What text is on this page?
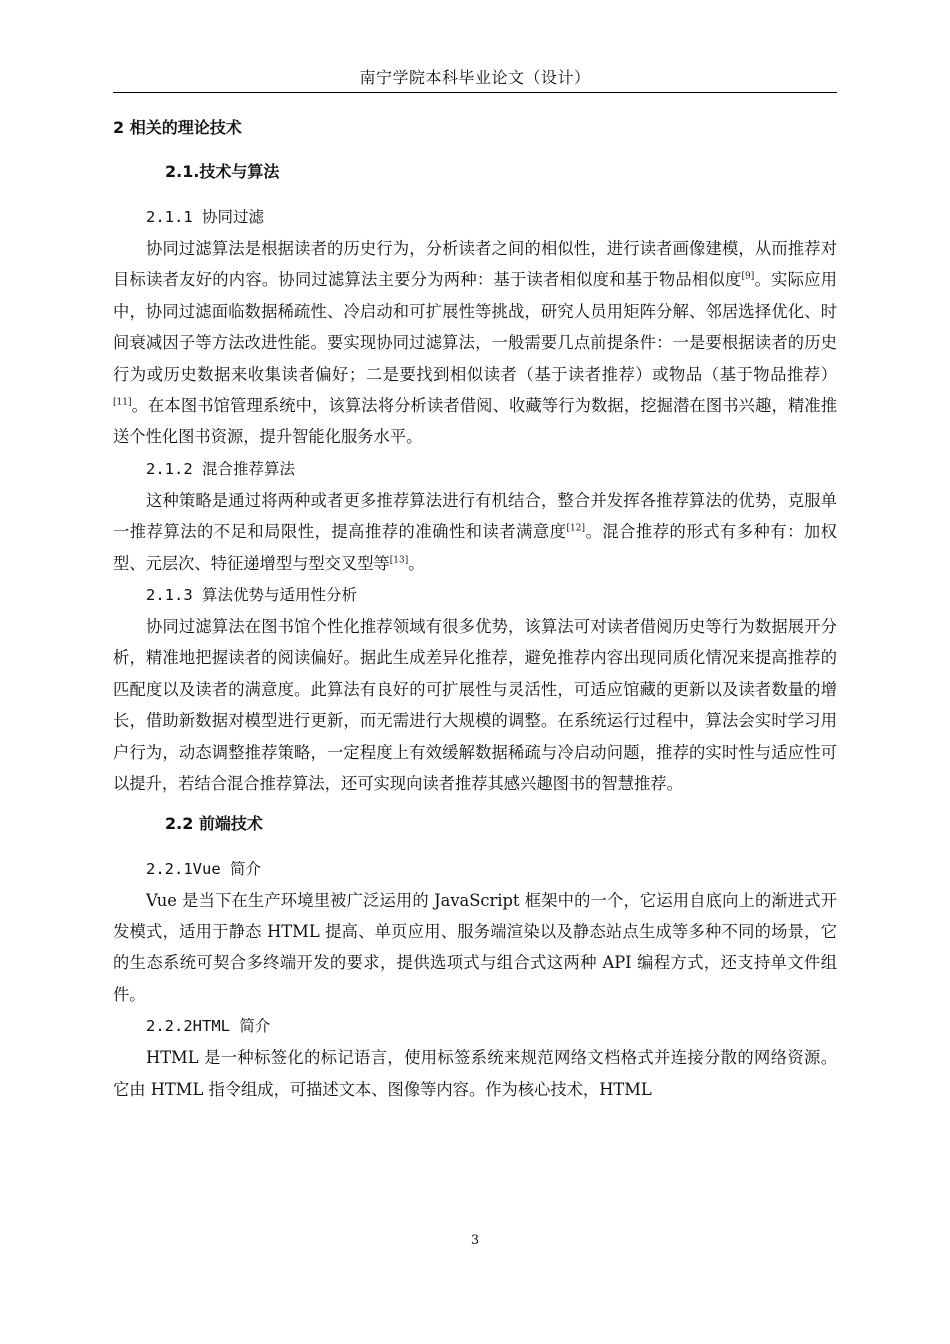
南宁学院本科毕业论文（设计）
2 相关的理论技术
2.1.技术与算法
2.1.1 协同过滤

协同过滤算法是根据读者的历史行为，分析读者之间的相似性，进行读者画像建模，从而推荐对目标读者友好的内容。协同过滤算法主要分为两种：基于读者相似度和基于物品相似度[9]。实际应用中，协同过滤面临数据稀疏性、冷启动和可扩展性等挑战，研究人员用矩阵分解、邻居选择优化、时间衰减因子等方法改进性能。要实现协同过滤算法，一般需要几点前提条件：一是要根据读者的历史行为或历史数据来收集读者偏好；二是要找到相似读者（基于读者推荐）或物品（基于物品推荐）[11]。在本图书馆管理系统中，该算法将分析读者借阅、收藏等行为数据，挖掘潜在图书兴趣，精准推送个性化图书资源，提升智能化服务水平。

2.1.2 混合推荐算法

这种策略是通过将两种或者更多推荐算法进行有机结合，整合并发挥各推荐算法的优势，克服单一推荐算法的不足和局限性，提高推荐的准确性和读者满意度[12]。混合推荐的形式有多种有：加权型、元层次、特征递增型与型交叉型等[13]。

2.1.3 算法优势与适用性分析

协同过滤算法在图书馆个性化推荐领域有很多优势，该算法可对读者借阅历史等行为数据展开分析，精准地把握读者的阅读偏好。据此生成差异化推荐，避免推荐内容出现同质化情况来提高推荐的匹配度以及读者的满意度。此算法有良好的可扩展性与灵活性，可适应馆藏的更新以及读者数量的增长，借助新数据对模型进行更新，而无需进行大规模的调整。在系统运行过程中，算法会实时学习用户行为，动态调整推荐策略，一定程度上有效缓解数据稀疏与冷启动问题，推荐的实时性与适应性可以提升，若结合混合推荐算法，还可实现向读者推荐其感兴趣图书的智慧推荐。

2.2 前端技术
2.2.1Vue 简介

Vue 是当下在生产环境里被广泛运用的 JavaScript 框架中的一个，它运用自底向上的渐进式开发模式，适用于静态 HTML 提高、单页应用、服务端渲染以及静态站点生成等多种不同的场景，它的生态系统可契合多终端开发的要求，提供选项式与组合式这两种 API 编程方式，还支持单文件组件。

2.2.2HTML 简介

HTML 是一种标签化的标记语言，使用标签系统来规范网络文档格式并连接分散的网络资源。它由 HTML 指令组成，可描述文本、图像等内容。作为核心技术，HTML

3
